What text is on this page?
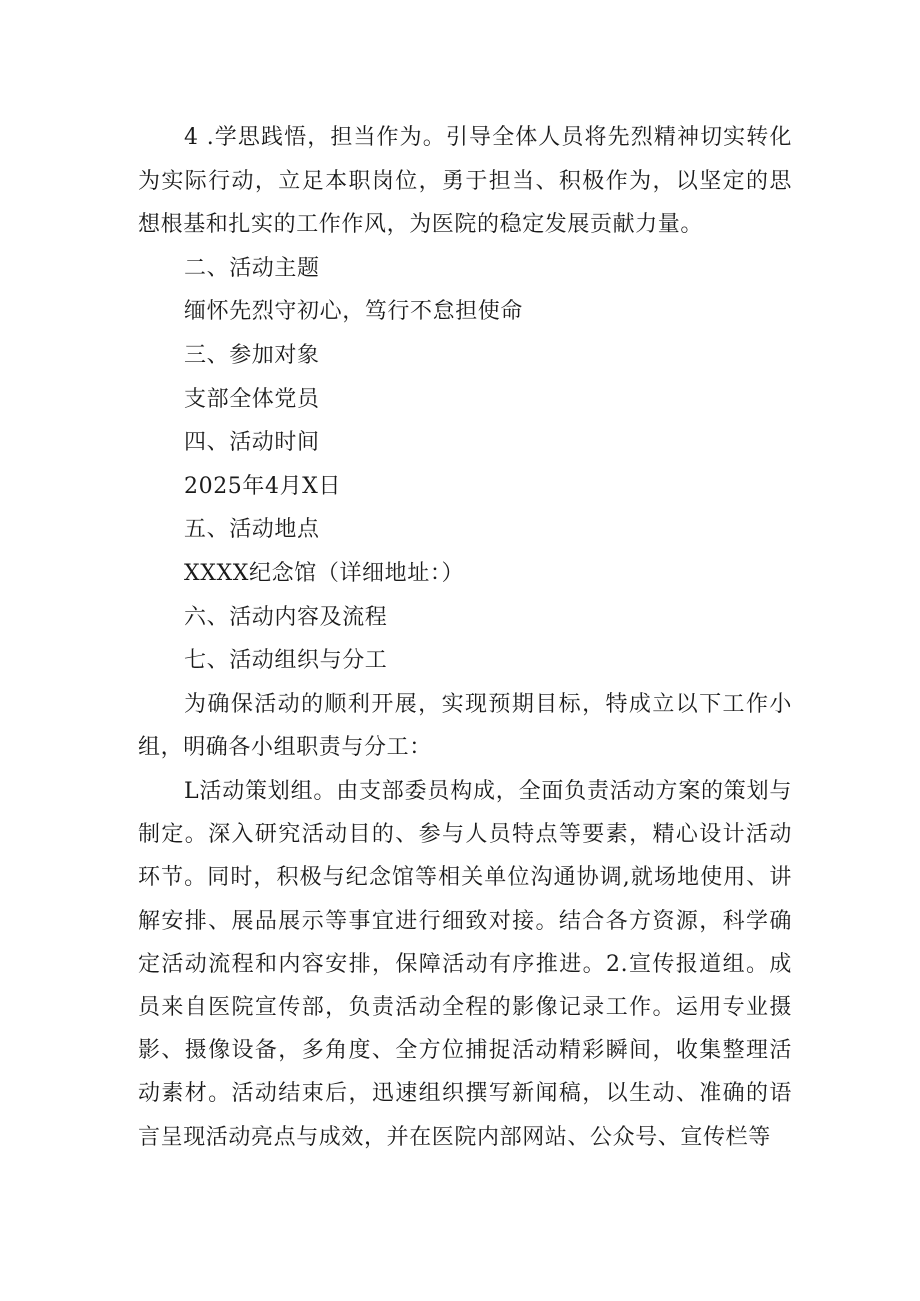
4 .学思践悟，担当作为。引导全体人员将先烈精神切实转化为实际行动，立足本职岗位，勇于担当、积极作为，以坚定的思想根基和扎实的工作作风，为医院的稳定发展贡献力量。

二、活动主题

缅怀先烈守初心，笃行不怠担使命

三、参加对象

支部全体党员

四、活动时间

2025年4月X日

五、活动地点

XXXX纪念馆（详细地址：）

六、活动内容及流程

七、活动组织与分工

为确保活动的顺利开展，实现预期目标，特成立以下工作小组，明确各小组职责与分工：

L活动策划组。由支部委员构成，全面负责活动方案的策划与制定。深入研究活动目的、参与人员特点等要素，精心设计活动环节。同时，积极与纪念馆等相关单位沟通协调,就场地使用、讲解安排、展品展示等事宜进行细致对接。结合各方资源，科学确定活动流程和内容安排，保障活动有序推进。2.宣传报道组。成员来自医院宣传部，负责活动全程的影像记录工作。运用专业摄影、摄像设备，多角度、全方位捕捉活动精彩瞬间，收集整理活动素材。活动结束后，迅速组织撰写新闻稿，以生动、准确的语言呈现活动亮点与成效，并在医院内部网站、公众号、宣传栏等
